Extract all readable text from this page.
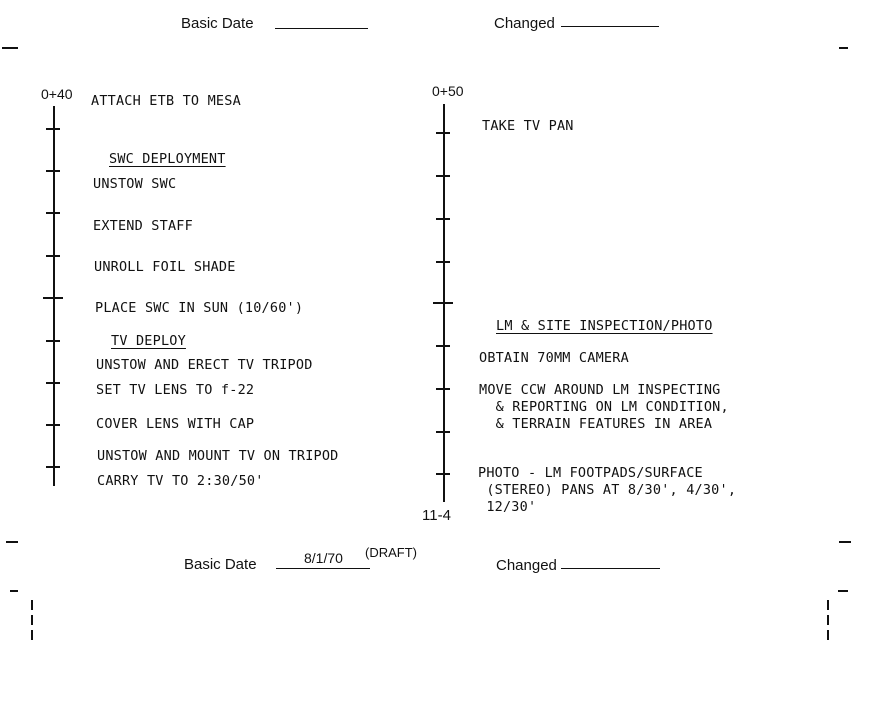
Basic Date	Changed
0+40 ATTACH ETB TO MESA
SWC DEPLOYMENT
UNSTOW SWC
EXTEND STAFF
UNROLL FOIL SHADE
PLACE SWC IN SUN (10/60')
TV DEPLOY
UNSTOW AND ERECT TV TRIPOD
SET TV LENS TO f-22
COVER LENS WITH CAP
UNSTOW AND MOUNT TV ON TRIPOD
CARRY TV TO 2:30/50'
0+50
TAKE TV PAN
LM & SITE INSPECTION/PHOTO
OBTAIN 70MM CAMERA
MOVE CCW AROUND LM INSPECTING
& REPORTING ON LM CONDITION,
& TERRAIN FEATURES IN AREA
PHOTO - LM FOOTPADS/SURFACE
(STEREO) PANS AT 8/30', 4/30',
12/30'
11-4
Basic Date	8/1/70 (DRAFT)
Changed
